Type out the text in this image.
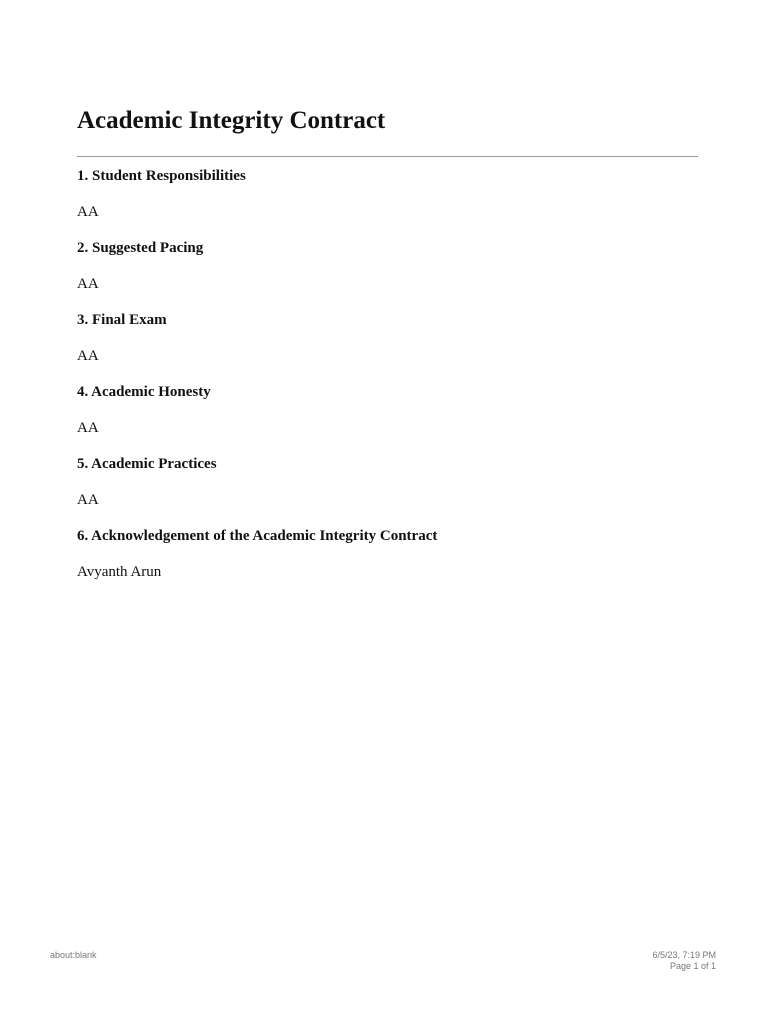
Academic Integrity Contract

1. Student Responsibilities

AA

2. Suggested Pacing

AA

3. Final Exam

AA

4. Academic Honesty

AA

5. Academic Practices

AA

6. Acknowledgement of the Academic Integrity Contract

Avyanth Arun

about:blank	6/5/23, 7:19 PM
Page 1 of 1
